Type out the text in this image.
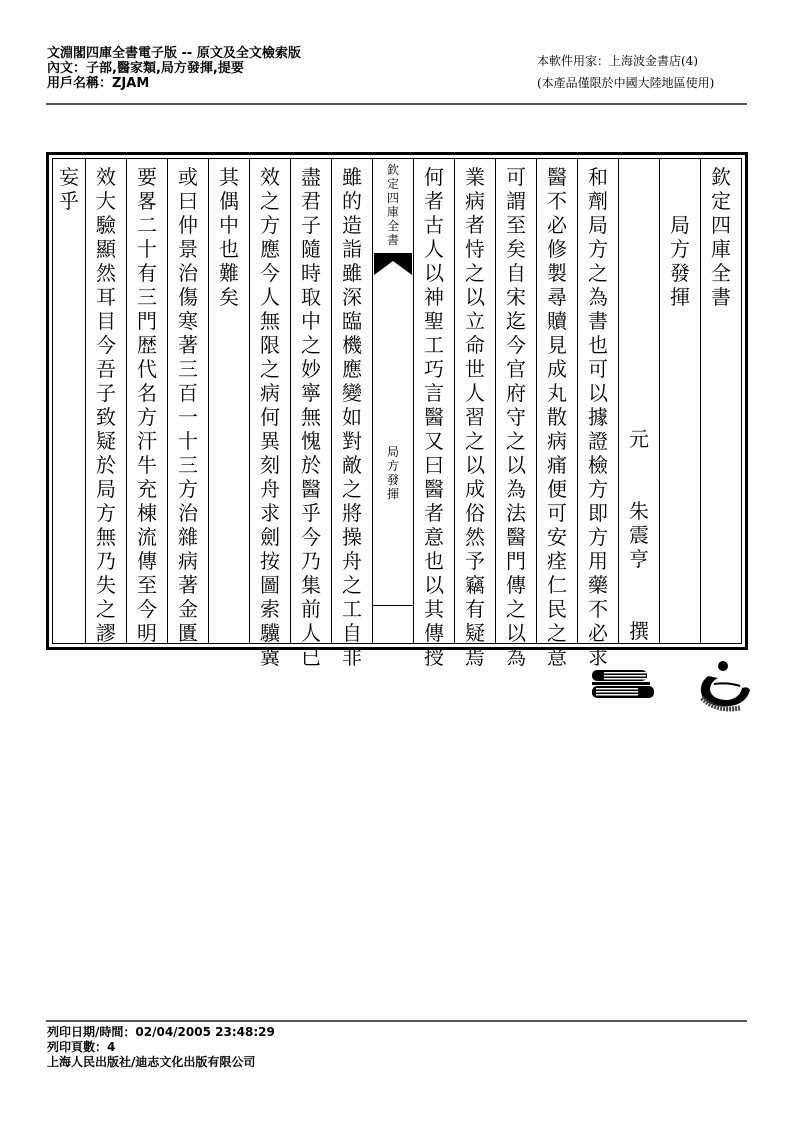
文淵閣四庫全書電子版 -- 原文及全文檢索版
內文：子部,醫家類,局方發揮,提要
用戶名稱：ZJAM
本軟件用家：上海波金書店(4)
(本產品僅限於中國大陸地區使用)
欽
定
四
庫
全
書
局
方
發
揮
元
朱
震
亨
撰
和
劑
局
方
之
為
書
也
可
以
據
證
檢
方
即
方
用
藥
不
必
求
醫
不
必
修
製
尋
贖
見
成
丸
散
病
痛
便
可
安
痊
仁
民
之
意
可
謂
至
矣
自
宋
迄
今
官
府
守
之
以
為
法
醫
門
傳
之
以
為
業
病
者
恃
之
以
立
命
世
人
習
之
以
成
俗
然
予
竊
有
疑
焉
何
者
古
人
以
神
聖
工
巧
言
醫
又
曰
醫
者
意
也
以
其
傳
授
欽
定
四
庫
全
書
局
方
發
揮
雖
的
造
詣
雖
深
臨
機
應
變
如
對
敵
之
將
操
舟
之
工
自
非
盡
君
子
隨
時
取
中
之
妙
寧
無
愧
於
醫
乎
今
乃
集
前
人
已
效
之
方
應
今
人
無
限
之
病
何
異
刻
舟
求
劍
按
圖
索
驥
冀
其
偶
中
也
難
矣
或
曰
仲
景
治
傷
寒
著
三
百
一
十
三
方
治
雜
病
著
金
匱
要
畧
二
十
有
三
門
歴
代
名
方
汗
牛
充
棟
流
傳
至
今
明
效
大
驗
顯
然
耳
目
今
吾
子
致
疑
於
局
方
無
乃
失
之
謬
妄
乎
列印日期/時間：02/04/2005 23:48:29
列印頁數：4
上海人民出版社/迪志文化出版有限公司
